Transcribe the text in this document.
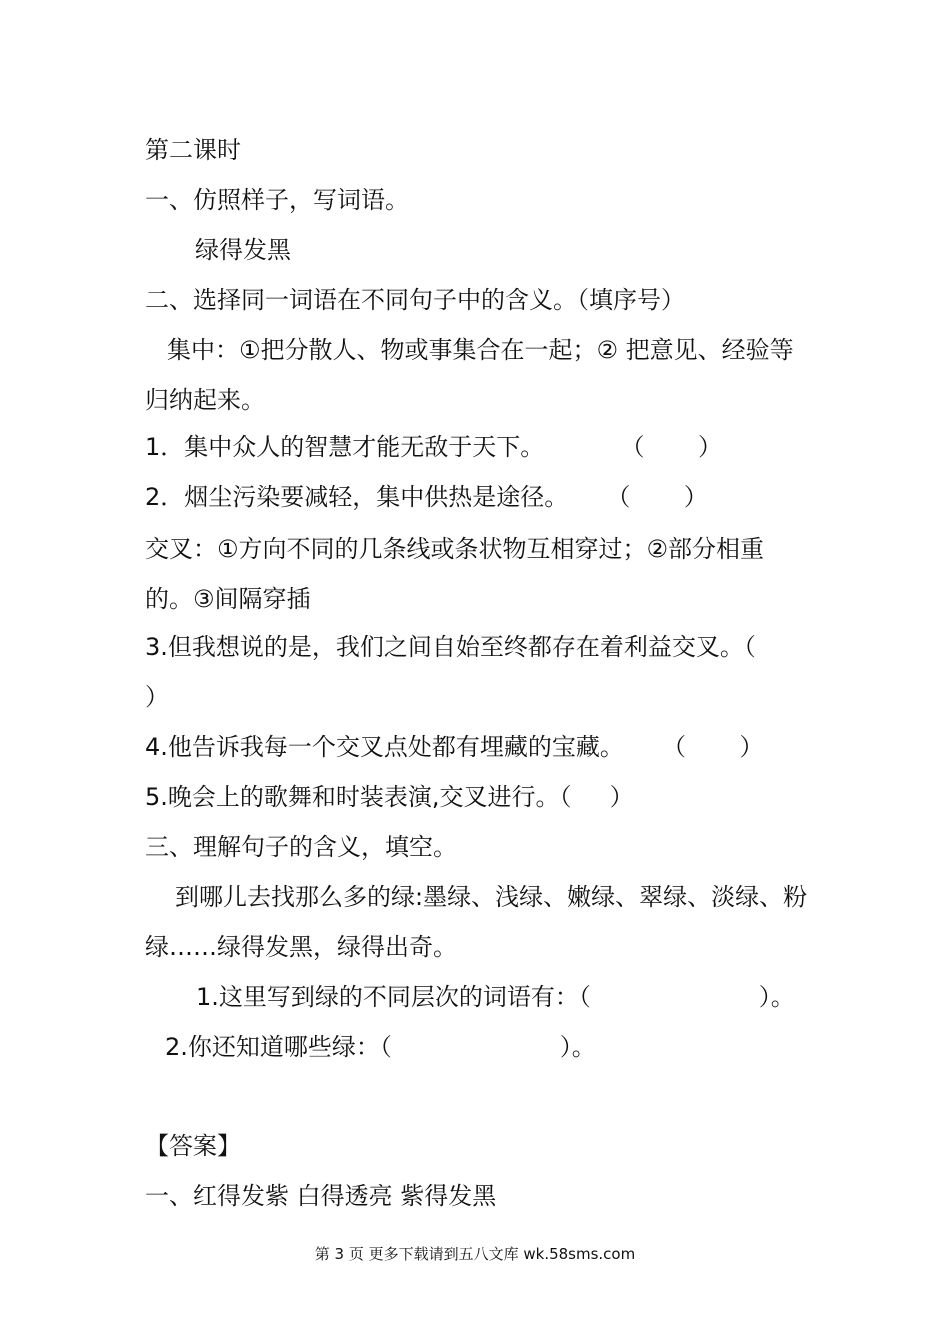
第二课时
一、仿照样子，写词语。
绿得发黑
二、选择同一词语在不同句子中的含义。（填序号）
集中：①把分散人、物或事集合在一起；② 把意见、经验等
归纳起来。
1．集中众人的智慧才能无敌于天下。          （       ）
2．烟尘污染要减轻，集中供热是途径。     （       ）
交叉：①方向不同的几条线或条状物互相穿过；②部分相重
的。③间隔穿插
3.但我想说的是，我们之间自始至终都存在着利益交叉。（
）
4.他告诉我每一个交叉点处都有埋藏的宝藏。     （       ）
5.晚会上的歌舞和时装表演,交叉进行。（     ）
三、理解句子的含义，填空。
到哪儿去找那么多的绿:墨绿、浅绿、嫩绿、翠绿、淡绿、粉
绿……绿得发黑，绿得出奇。
1.这里写到绿的不同层次的词语有：（                      ）。
2.你还知道哪些绿：（                      ）。
【答案】
一、红得发紫 白得透亮 紫得发黑
第 3 页 更多下载请到五八文库 wk.58sms.com
